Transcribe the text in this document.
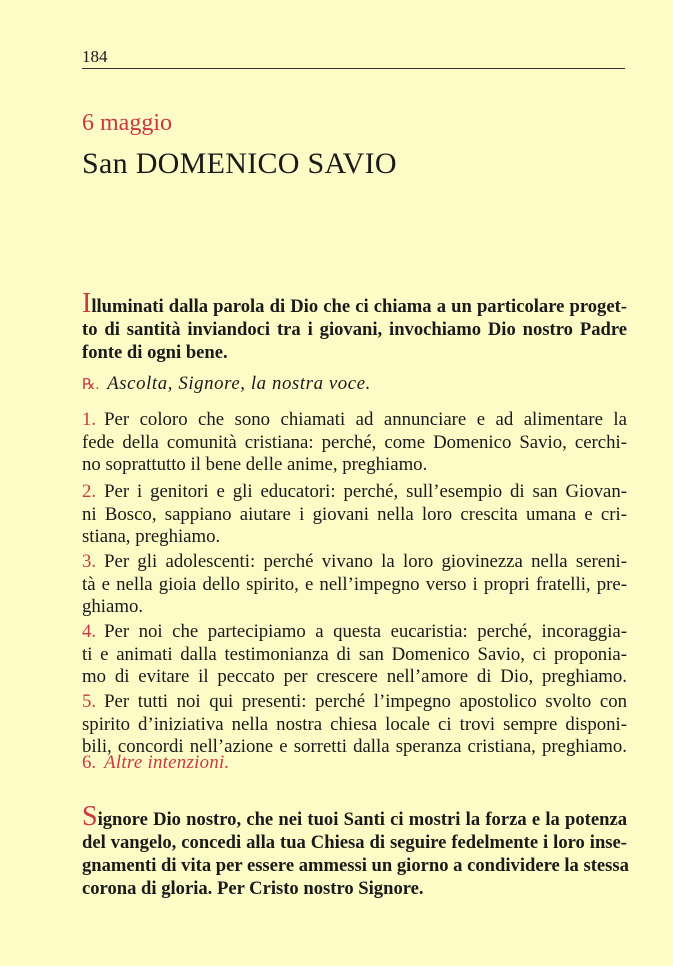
184
6 maggio
San DOMENICO SAVIO
Illuminati dalla parola di Dio che ci chiama a un particolare proget-
to di santità inviandoci tra i giovani, invochiamo Dio nostro Padre
fonte di ogni bene.
℞. Ascolta, Signore, la nostra voce.
1. Per coloro che sono chiamati ad annunciare e ad alimentare la
fede della comunità cristiana: perché, come Domenico Savio, cerchi-
no soprattutto il bene delle anime, preghiamo.
2. Per i genitori e gli educatori: perché, sull’esempio di san Giovan-
ni Bosco, sappiano aiutare i giovani nella loro crescita umana e cri-
stiana, preghiamo.
3. Per gli adolescenti: perché vivano la loro giovinezza nella sereni-
tà e nella gioia dello spirito, e nell’impegno verso i propri fratelli, pre-
ghiamo.
4. Per noi che partecipiamo a questa eucaristia: perché, incoraggia-
ti e animati dalla testimonianza di san Domenico Savio, ci proponia-
mo di evitare il peccato per crescere nell’amore di Dio, preghiamo.
5. Per tutti noi qui presenti: perché l’impegno apostolico svolto con
spirito d’iniziativa nella nostra chiesa locale ci trovi sempre disponi-
bili, concordi nell’azione e sorretti dalla speranza cristiana, preghiamo.
6. Altre intenzioni.
Signore Dio nostro, che nei tuoi Santi ci mostri la forza e la potenza
del vangelo, concedi alla tua Chiesa di seguire fedelmente i loro inse-
gnamenti di vita per essere ammessi un giorno a condividere la stessa
corona di gloria. Per Cristo nostro Signore.
